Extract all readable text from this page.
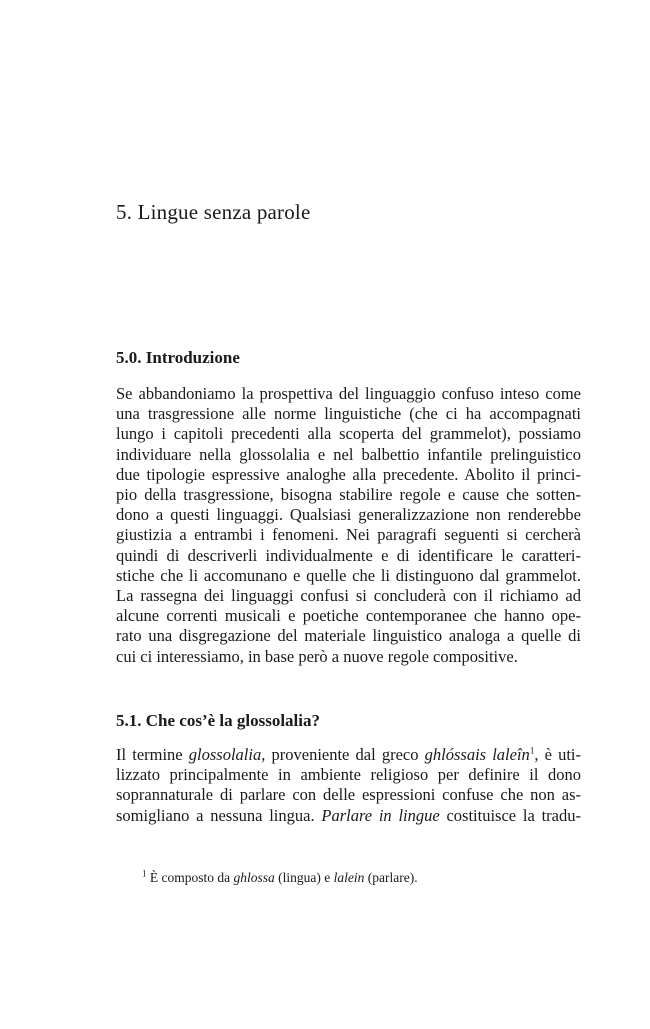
5. Lingue senza parole
5.0. Introduzione

Se abbandoniamo la prospettiva del linguaggio confuso inteso come
una trasgressione alle norme linguistiche (che ci ha accompagnati
lungo i capitoli precedenti alla scoperta del grammelot), possiamo
individuare nella glossolalia e nel balbettio infantile prelinguistico
due tipologie espressive analoghe alla precedente. Abolito il princi-
pio della trasgressione, bisogna stabilire regole e cause che sotten-
dono a questi linguaggi. Qualsiasi generalizzazione non renderebbe
giustizia a entrambi i fenomeni. Nei paragrafi seguenti si cercherà
quindi di descriverli individualmente e di identificare le caratteri-
stiche che li accomunano e quelle che li distinguono dal grammelot.
La rassegna dei linguaggi confusi si concluderà con il richiamo ad
alcune correnti musicali e poetiche contemporanee che hanno ope-
rato una disgregazione del materiale linguistico analoga a quelle di
cui ci interessiamo, in base però a nuove regole compositive.

5.1. Che cos’è la glossolalia?

Il termine glossolalia, proveniente dal greco ghlóssais laleîn$^1$, è uti-
lizzato principalmente in ambiente religioso per definire il dono
soprannaturale di parlare con delle espressioni confuse che non as-
somigliano a nessuna lingua. Parlare in lingue costituisce la tradu-

$^1$ È composto da ghlossa (lingua) e lalein (parlare).
